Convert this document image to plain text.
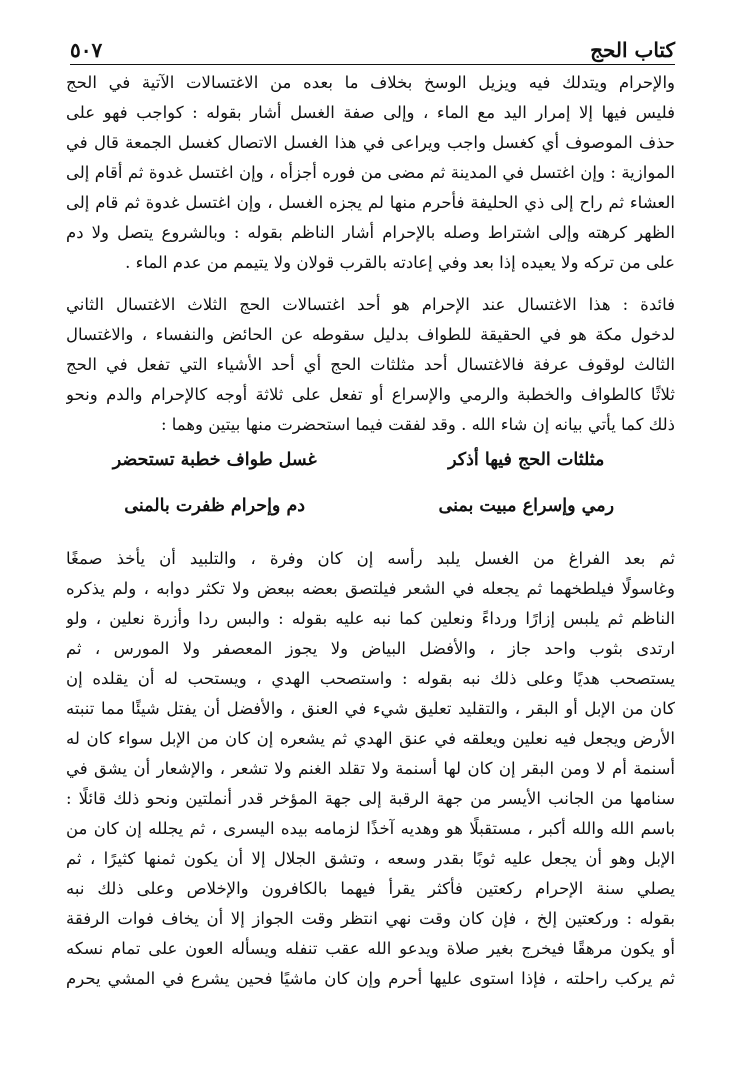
كتاب الحج
٥٠٧
والإحرام ويتدلك فيه ويزيل الوسخ بخلاف ما بعده من الاغتسالات الآتية في الحج
فليس فيها إلا إمرار اليد مع الماء ، وإلى صفة الغسل أشار بقوله : كواجب فهو على
حذف الموصوف أي كغسل واجب ويراعى في هذا الغسل الاتصال كغسل الجمعة قال في
الموازية : وإن اغتسل في المدينة ثم مضى من فوره أجزأه ، وإن اغتسل غدوة ثم أقام إلى
العشاء ثم راح إلى ذي الحليفة فأحرم منها لم يجزه الغسل ، وإن اغتسل غدوة ثم قام إلى
الظهر كرهته وإلى اشتراط وصله بالإحرام أشار الناظم بقوله : وبالشروع يتصل ولا دم
على من تركه ولا يعيده إذا بعد وفي إعادته بالقرب قولان ولا يتيمم من عدم الماء .
فائدة : هذا الاغتسال عند الإحرام هو أحد اغتسالات الحج الثلاث الاغتسال الثاني
لدخول مكة هو في الحقيقة للطواف بدليل سقوطه عن الحائض والنفساء ، والاغتسال
الثالث لوقوف عرفة فالاغتسال أحد مثلثات الحج أي أحد الأشياء التي تفعل في الحج
ثلاثًا كالطواف والخطبة والرمي والإسراع أو تفعل على ثلاثة أوجه كالإحرام والدم ونحو
ذلك كما يأتي بيانه إن شاء الله . وقد لفقت فيما استحضرت منها بيتين وهما :
مثلثات الحج فيها أذكر
غسل طواف خطبة تستحضر
رمي وإسراع مبيت بمنى
دم وإحرام ظفرت بالمنى
ثم بعد الفراغ من الغسل يلبد رأسه إن كان وفرة ، والتلبيد أن يأخذ صمغًا
وغاسولًا فيلطخهما ثم يجعله في الشعر فيلتصق بعضه ببعض ولا تكثر دوابه ، ولم يذكره
الناظم ثم يلبس إزارًا ورداءً ونعلين كما نبه عليه بقوله : والبس ردا وأزرة نعلين ، ولو
ارتدى بثوب واحد جاز ، والأفضل البياض ولا يجوز المعصفر ولا المورس ، ثم
يستصحب هديًا وعلى ذلك نبه بقوله : واستصحب الهدي ، ويستحب له أن يقلده إن
كان من الإبل أو البقر ، والتقليد تعليق شيء في العنق ، والأفضل أن يفتل شيئًا مما تنبته
الأرض ويجعل فيه نعلين ويعلقه في عنق الهدي ثم يشعره إن كان من الإبل سواء كان له
أسنمة أم لا ومن البقر إن كان لها أسنمة ولا تقلد الغنم ولا تشعر ، والإشعار أن يشق في
سنامها من الجانب الأيسر من جهة الرقبة إلى جهة المؤخر قدر أنملتين ونحو ذلك قائلًا :
باسم الله والله أكبر ، مستقبلًا هو وهديه آخذًا لزمامه بيده اليسرى ، ثم يجلله إن كان من
الإبل وهو أن يجعل عليه ثوبًا بقدر وسعه ، وتشق الجلال إلا أن يكون ثمنها كثيرًا ، ثم
يصلي سنة الإحرام ركعتين فأكثر يقرأ فيهما بالكافرون والإخلاص وعلى ذلك نبه
بقوله : وركعتين إلخ ، فإن كان وقت نهي انتظر وقت الجواز إلا أن يخاف فوات الرفقة
أو يكون مرهقًا فيخرج بغير صلاة ويدعو الله عقب تنفله ويسأله العون على تمام نسكه
ثم يركب راحلته ، فإذا استوى عليها أحرم وإن كان ماشيًا فحين يشرع في المشي يحرم
